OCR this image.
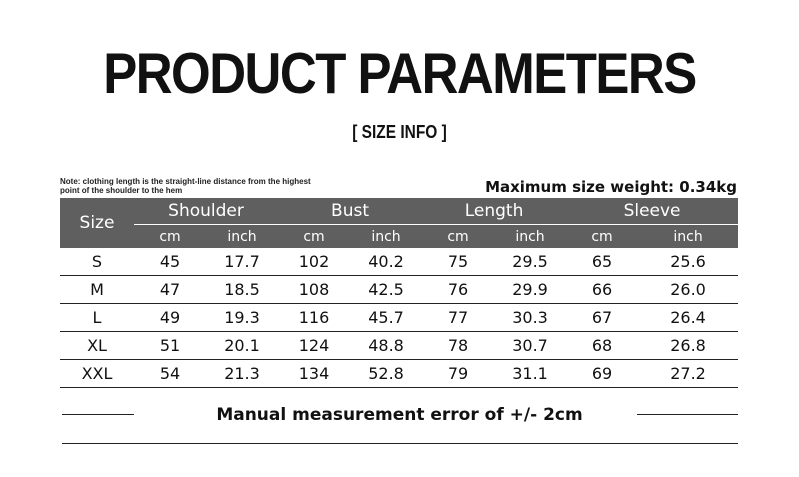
PRODUCT PARAMETERS
[ SIZE INFO ]
Note: clothing length is the straight-line distance from the highest point of the shoulder to the hem	Maximum size weight: 0.34kg
Size	Shoulder		Bust		Length		Sleeve	
	cm	inch	cm	inch	cm	inch	cm	inch
S	45	17.7	102	40.2	75	29.5	65	25.6
M	47	18.5	108	42.5	76	29.9	66	26.0
L	49	19.3	116	45.7	77	30.3	67	26.4
XL	51	20.1	124	48.8	78	30.7	68	26.8
XXL	54	21.3	134	52.8	79	31.1	69	27.2
Manual measurement error of +/- 2cm
